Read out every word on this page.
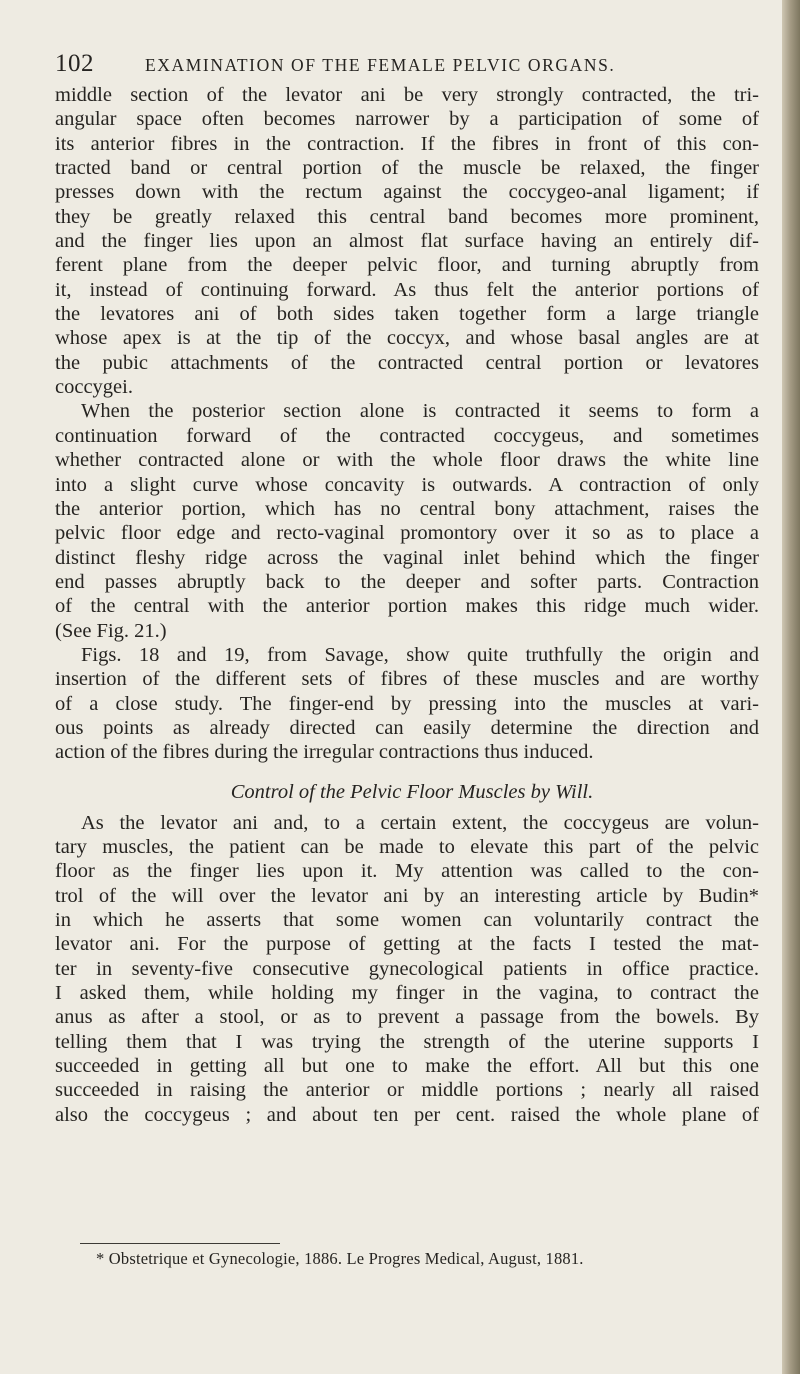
102	EXAMINATION OF THE FEMALE PELVIC ORGANS.
middle section of the levator ani be very strongly contracted, the tri-
angular space often becomes narrower by a participation of some of
its anterior fibres in the contraction. If the fibres in front of this con-
tracted band or central portion of the muscle be relaxed, the finger
presses down with the rectum against the coccygeo-anal ligament; if
they be greatly relaxed this central band becomes more prominent,
and the finger lies upon an almost flat surface having an entirely dif-
ferent plane from the deeper pelvic floor, and turning abruptly from
it, instead of continuing forward. As thus felt the anterior portions of
the levatores ani of both sides taken together form a large triangle
whose apex is at the tip of the coccyx, and whose basal angles are at
the pubic attachments of the contracted central portion or levatores
coccygei.
When the posterior section alone is contracted it seems to form a
continuation forward of the contracted coccygeus, and sometimes
whether contracted alone or with the whole floor draws the white line
into a slight curve whose concavity is outwards. A contraction of only
the anterior portion, which has no central bony attachment, raises the
pelvic floor edge and recto-vaginal promontory over it so as to place a
distinct fleshy ridge across the vaginal inlet behind which the finger
end passes abruptly back to the deeper and softer parts. Contraction
of the central with the anterior portion makes this ridge much wider.
(See Fig. 21.)
Figs. 18 and 19, from Savage, show quite truthfully the origin and
insertion of the different sets of fibres of these muscles and are worthy
of a close study. The finger-end by pressing into the muscles at vari-
ous points as already directed can easily determine the direction and
action of the fibres during the irregular contractions thus induced.
Control of the Pelvic Floor Muscles by Will.
As the levator ani and, to a certain extent, the coccygeus are volun-
tary muscles, the patient can be made to elevate this part of the pelvic
floor as the finger lies upon it. My attention was called to the con-
trol of the will over the levator ani by an interesting article by Budin*
in which he asserts that some women can voluntarily contract the
levator ani. For the purpose of getting at the facts I tested the mat-
ter in seventy-five consecutive gynecological patients in office practice.
I asked them, while holding my finger in the vagina, to contract the
anus as after a stool, or as to prevent a passage from the bowels. By
telling them that I was trying the strength of the uterine supports I
succeeded in getting all but one to make the effort. All but this one
succeeded in raising the anterior or middle portions ; nearly all raised
also the coccygeus ; and about ten per cent. raised the whole plane of
* Obstetrique et Gynecologie, 1886. Le Progres Medical, August, 1881.
